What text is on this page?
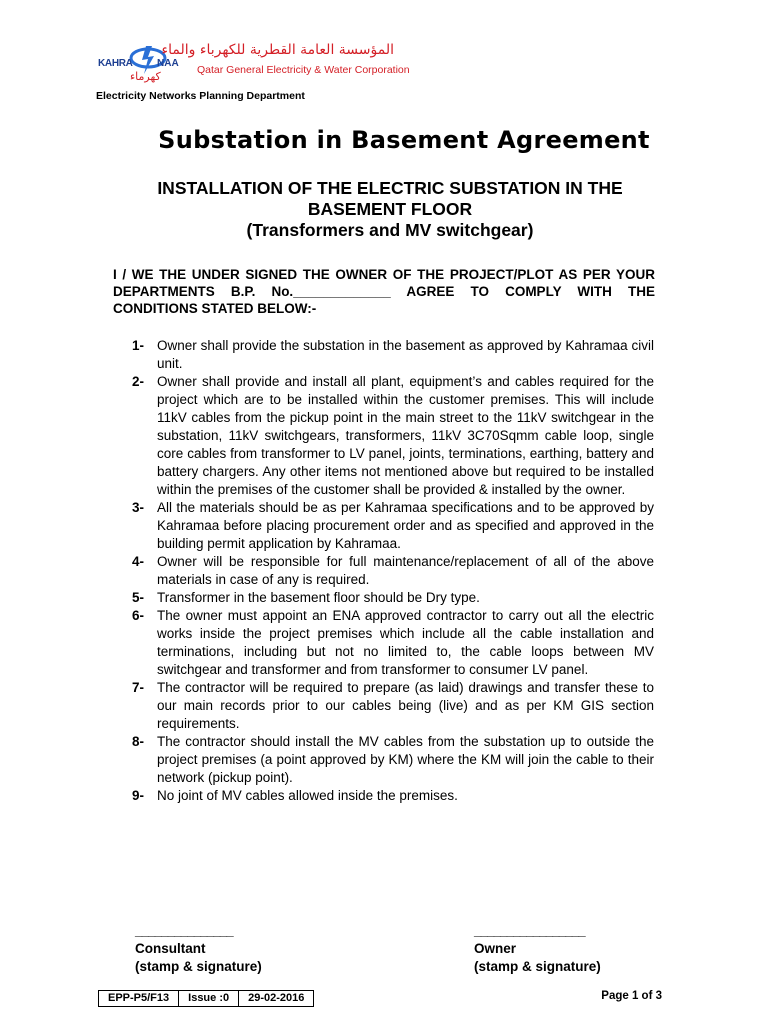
KAHRA NAA
كهرماء
المؤسسة العامة القطرية للكهرباء والماء
Qatar General Electricity & Water Corporation
Electricity Networks Planning Department
Substation in Basement Agreement
INSTALLATION OF THE ELECTRIC SUBSTATION IN THE
BASEMENT FLOOR
(Transformers and MV switchgear)
I / WE THE UNDER SIGNED THE OWNER OF THE PROJECT/PLOT AS PER YOUR DEPARTMENTS B.P. No._____________ AGREE TO COMPLY WITH THE CONDITIONS STATED BELOW:-
1- Owner shall provide the substation in the basement as approved by Kahramaa civil unit.
2- Owner shall provide and install all plant, equipment’s and cables required for the project which are to be installed within the customer premises. This will include 11kV cables from the pickup point in the main street to the 11kV switchgear in the substation, 11kV switchgears, transformers, 11kV 3C70Sqmm cable loop, single core cables from transformer to LV panel, joints, terminations, earthing, battery and battery chargers. Any other items not mentioned above but required to be installed within the premises of the customer shall be provided & installed by the owner.
3- All the materials should be as per Kahramaa specifications and to be approved by Kahramaa before placing procurement order and as specified and approved in the building permit application by Kahramaa.
4- Owner will be responsible for full maintenance/replacement of all of the above materials in case of any is required.
5- Transformer in the basement floor should be Dry type.
6- The owner must appoint an ENA approved contractor to carry out all the electric works inside the project premises which include all the cable installation and terminations, including but not no limited to, the cable loops between MV switchgear and transformer and from transformer to consumer LV panel.
7- The contractor will be required to prepare (as laid) drawings and transfer these to our main records prior to our cables being (live) and as per KM GIS section requirements.
8- The contractor should install the MV cables from the substation up to outside the project premises (a point approved by KM) where the KM will join the cable to their network (pickup point).
9- No joint of MV cables allowed inside the premises.
_______________
Consultant
(stamp & signature)
_________________
Owner
(stamp & signature)
EPP-P5/F13	Issue :0	29-02-2016	Page 1 of 3
